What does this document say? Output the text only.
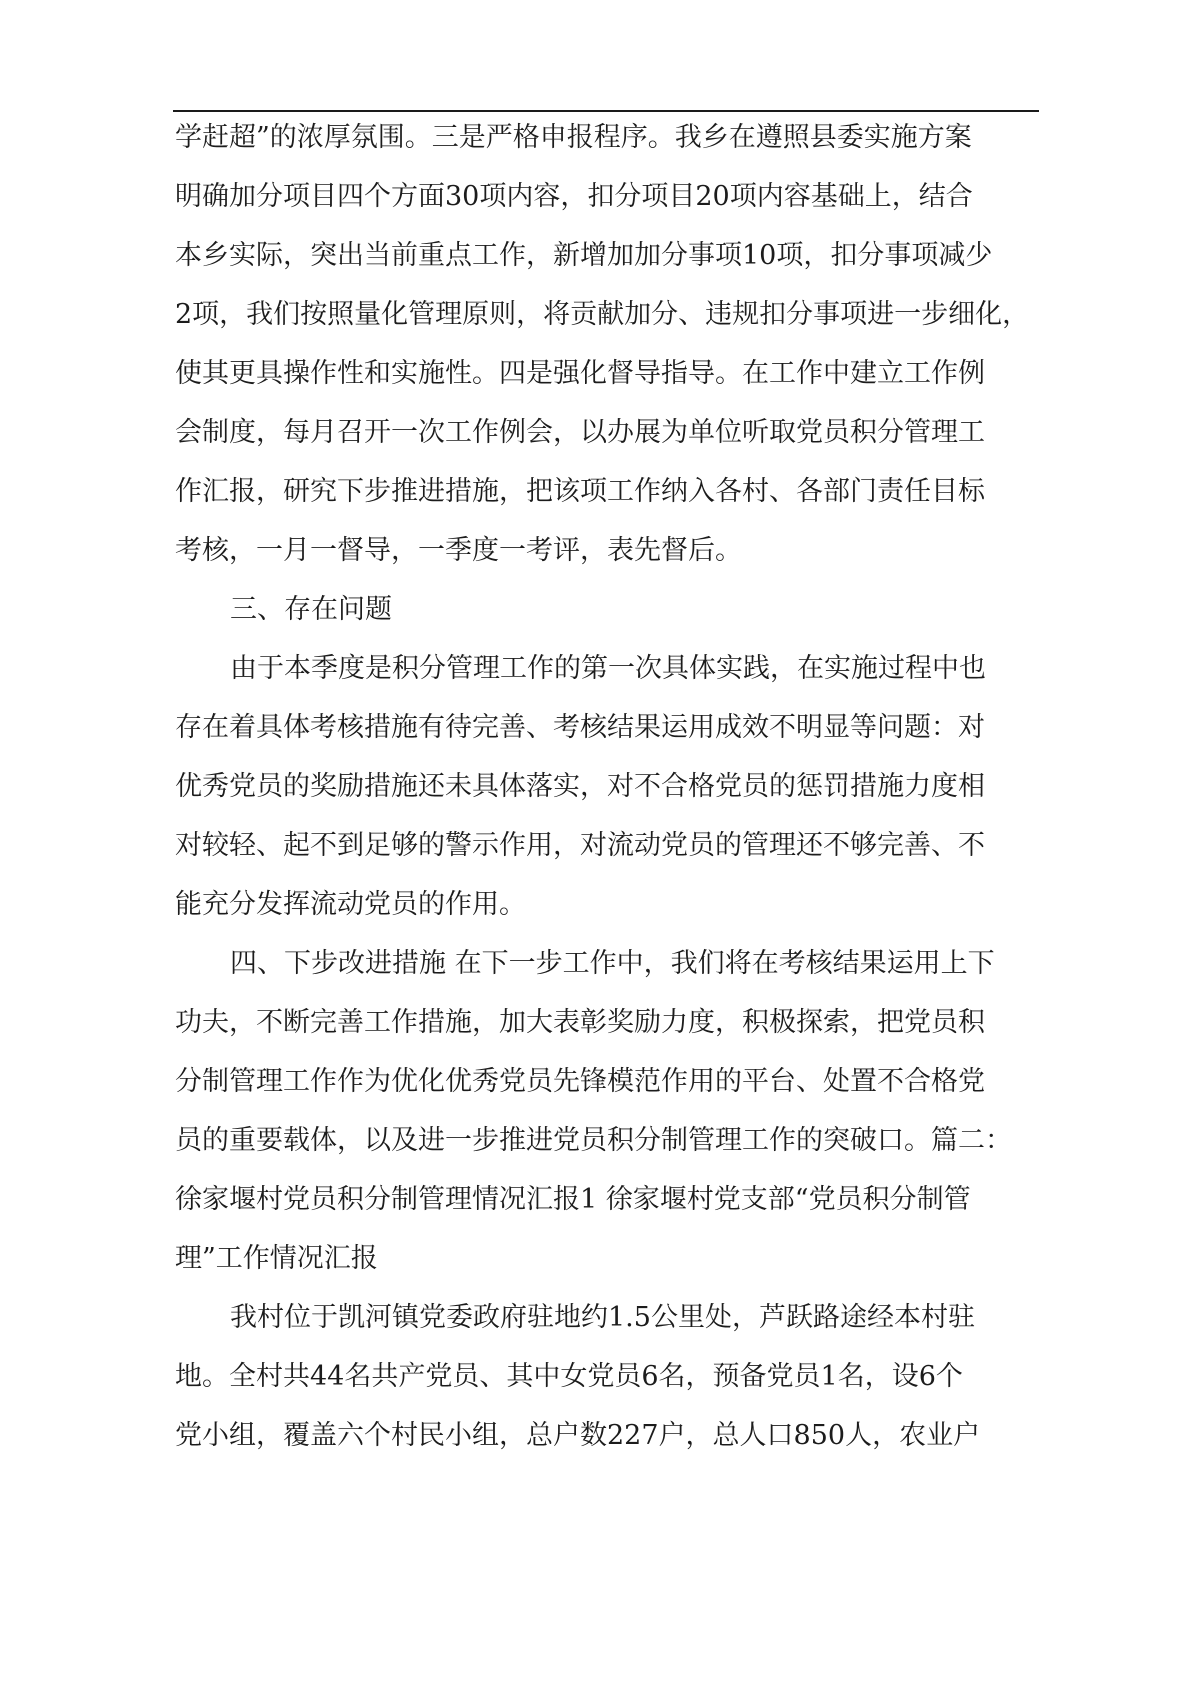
学赶超”的浓厚氛围。三是严格申报程序。我乡在遵照县委实施方案

明确加分项目四个方面30项内容，扣分项目20项内容基础上，结合

本乡实际，突出当前重点工作，新增加加分事项10项，扣分事项减少

2项，我们按照量化管理原则，将贡献加分、违规扣分事项进一步细化，

使其更具操作性和实施性。四是强化督导指导。在工作中建立工作例

会制度，每月召开一次工作例会，以办展为单位听取党员积分管理工

作汇报，研究下步推进措施，把该项工作纳入各村、各部门责任目标

考核，一月一督导，一季度一考评，表先督后。

三、存在问题

由于本季度是积分管理工作的第一次具体实践，在实施过程中也

存在着具体考核措施有待完善、考核结果运用成效不明显等问题：对

优秀党员的奖励措施还未具体落实，对不合格党员的惩罚措施力度相

对较轻、起不到足够的警示作用，对流动党员的管理还不够完善、不

能充分发挥流动党员的作用。

四、下步改进措施 在下一步工作中，我们将在考核结果运用上下

功夫，不断完善工作措施，加大表彰奖励力度，积极探索，把党员积

分制管理工作作为优化优秀党员先锋模范作用的平台、处置不合格党

员的重要载体，以及进一步推进党员积分制管理工作的突破口。篇二：

徐家堰村党员积分制管理情况汇报1 徐家堰村党支部“党员积分制管

理”工作情况汇报

我村位于凯河镇党委政府驻地约1.5公里处，芦跃路途经本村驻

地。全村共44名共产党员、其中女党员6名，预备党员1名，设6个

党小组，覆盖六个村民小组，总户数227户，总人口850人，农业户
